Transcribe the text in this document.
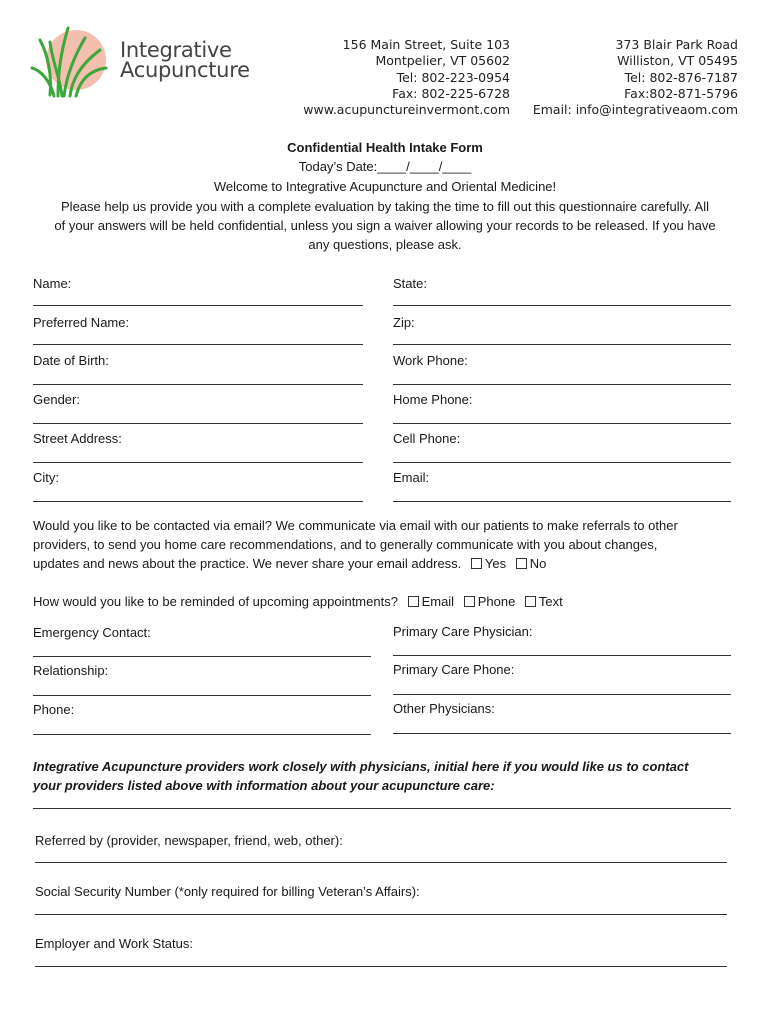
Integrative
Acupuncture
156 Main Street, Suite 103
Montpelier, VT 05602
Tel: 802-223-0954
Fax: 802-225-6728
www.acupunctureinvermont.com
373 Blair Park Road
Williston, VT 05495
Tel: 802-876-7187
Fax:802-871-5796
Email: info@integrativeaom.com
Confidential Health Intake Form
Today’s Date:____/____/____
Welcome to Integrative Acupuncture and Oriental Medicine!
Please help us provide you with a complete evaluation by taking the time to fill out this questionnaire carefully. All
of your answers will be held confidential, unless you sign a waiver allowing your records to be released. If you have
any questions, please ask.
Name:
Preferred Name:
Date of Birth:
Gender:
Street Address:
City:
State:
Zip:
Work Phone:
Home Phone:
Cell Phone:
Email:
Would you like to be contacted via email? We communicate via email with our patients to make referrals to other
providers, to send you home care recommendations, and to generally communicate with you about changes,
updates and news about the practice. We never share your email address. Yes No
How would you like to be reminded of upcoming appointments? Email Phone Text
Emergency Contact:
Relationship:
Phone:
Primary Care Physician:
Primary Care Phone:
Other Physicians:
Integrative Acupuncture providers work closely with physicians, initial here if you would like us to contact
your providers listed above with information about your acupuncture care:
Referred by (provider, newspaper, friend, web, other):
Social Security Number (*only required for billing Veteran’s Affairs):
Employer and Work Status:
